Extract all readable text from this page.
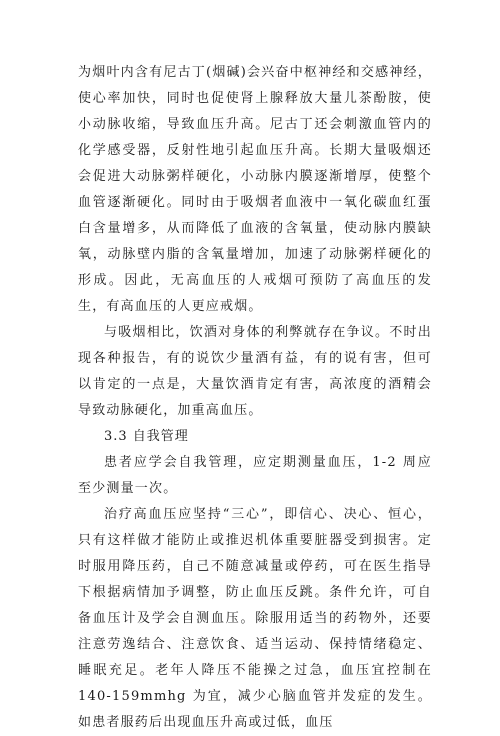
为烟叶内含有尼古丁(烟碱)会兴奋中枢神经和交感神经，使心率加快，同时也促使肾上腺释放大量儿茶酚胺，使小动脉收缩，导致血压升高。尼古丁还会刺激血管内的化学感受器，反射性地引起血压升高。长期大量吸烟还会促进大动脉粥样硬化，小动脉内膜逐渐增厚，使整个血管逐渐硬化。同时由于吸烟者血液中一氧化碳血红蛋白含量增多，从而降低了血液的含氧量，使动脉内膜缺氧，动脉壁内脂的含氧量增加，加速了动脉粥样硬化的形成。因此，无高血压的人戒烟可预防了高血压的发生，有高血压的人更应戒烟。

与吸烟相比，饮酒对身体的利弊就存在争议。不时出现各种报告，有的说饮少量酒有益，有的说有害，但可以肯定的一点是，大量饮酒肯定有害，高浓度的酒精会导致动脉硬化，加重高血压。

3.3 自我管理

患者应学会自我管理，应定期测量血压，1-2 周应至少测量一次。

治疗高血压应坚持“三心”，即信心、决心、恒心，只有这样做才能防止或推迟机体重要脏器受到损害。定时服用降压药，自己不随意减量或停药，可在医生指导下根据病情加予调整，防止血压反跳。条件允许，可自备血压计及学会自测血压。除服用适当的药物外，还要注意劳逸结合、注意饮食、适当运动、保持情绪稳定、睡眠充足。老年人降压不能操之过急，血压宜控制在 140-159mmhg 为宜，减少心脑血管并发症的发生。如患者服药后出现血压升高或过低，血压
